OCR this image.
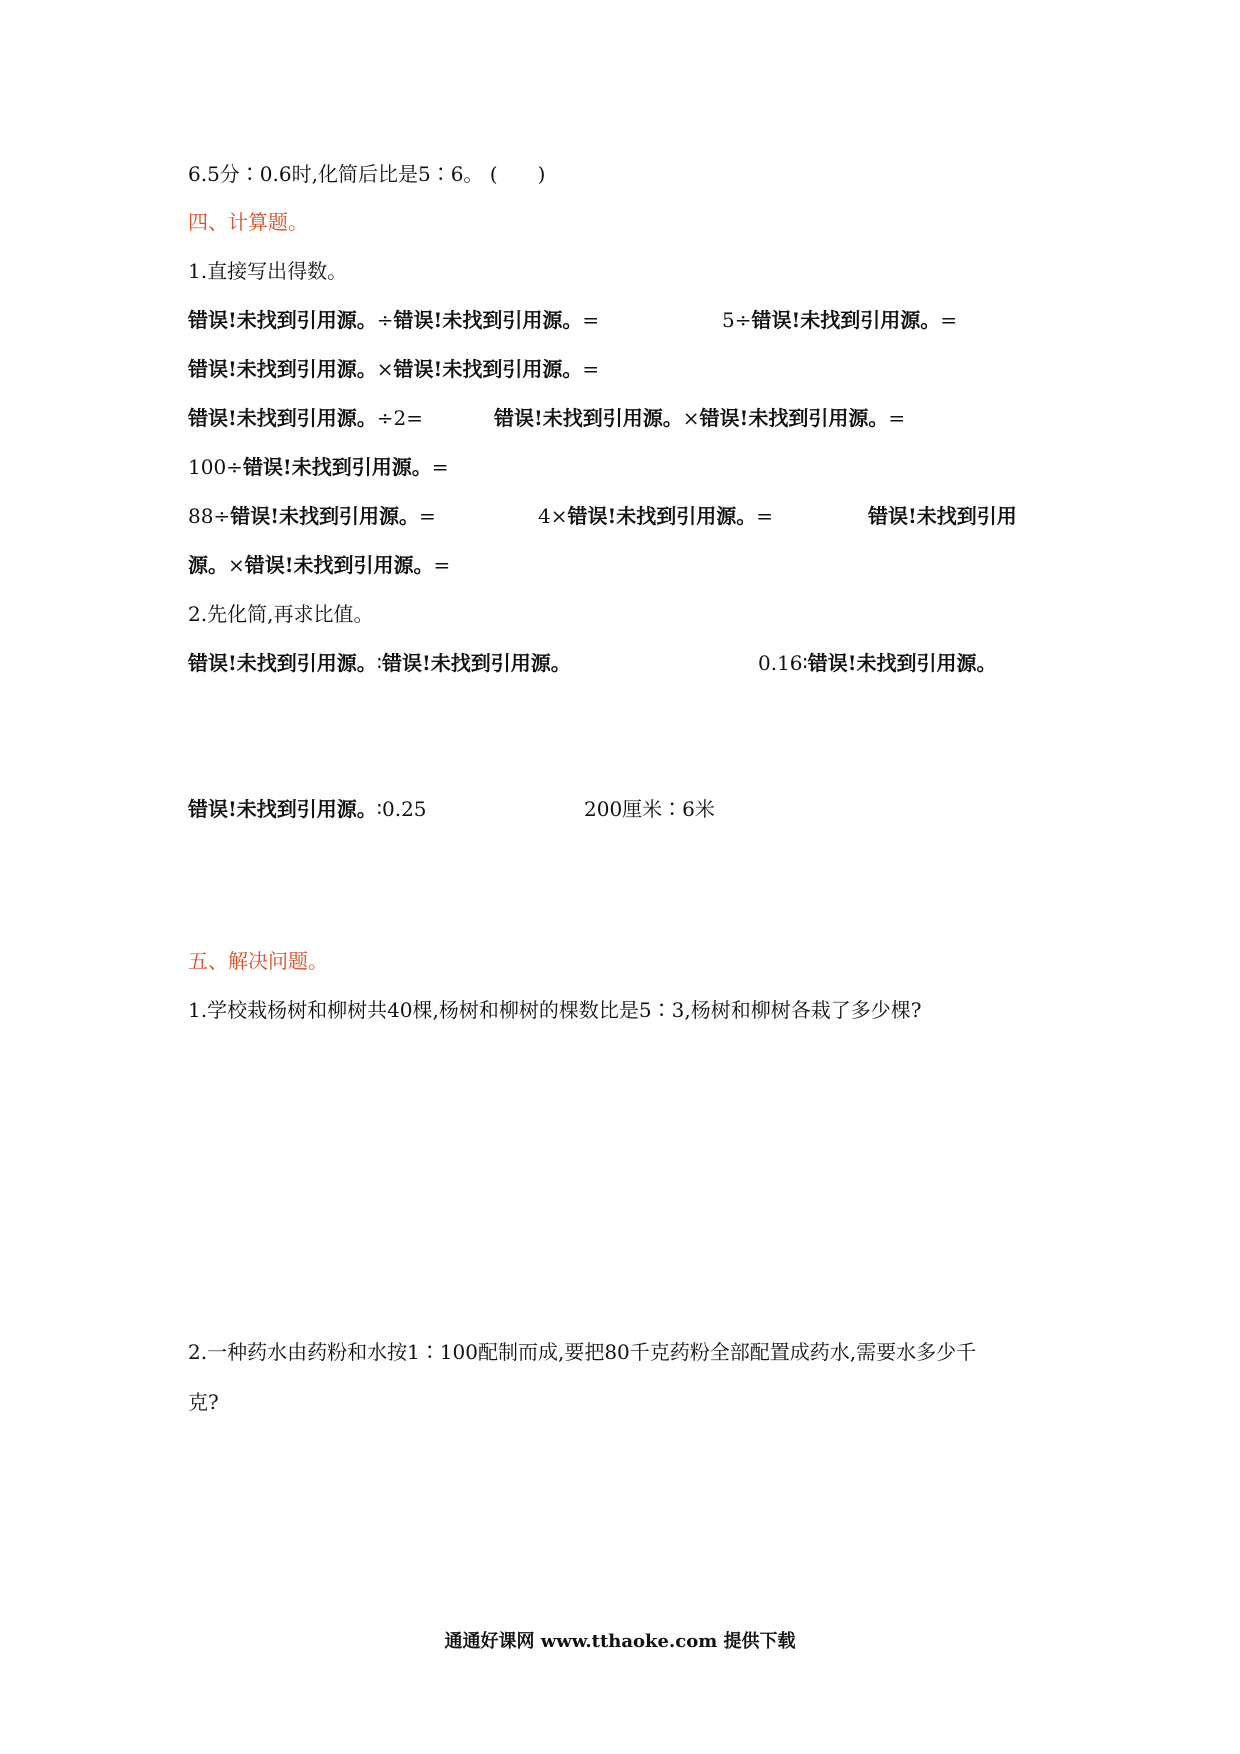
6.5分∶0.6时,化简后比是5∶6。 (　　)
四、计算题。
1.直接写出得数。
错误!未找到引用源。÷错误!未找到引用源。=	5÷错误!未找到引用源。=
错误!未找到引用源。×错误!未找到引用源。=
错误!未找到引用源。÷2=	错误!未找到引用源。×错误!未找到引用源。=
100÷错误!未找到引用源。=
88÷错误!未找到引用源。=	4×错误!未找到引用源。=	错误!未找到引用
源。×错误!未找到引用源。=
2.先化简,再求比值。
错误!未找到引用源。∶错误!未找到引用源。	0.16∶错误!未找到引用源。
错误!未找到引用源。∶0.25	200厘米∶6米
五、解决问题。
1.学校栽杨树和柳树共40棵,杨树和柳树的棵数比是5∶3,杨树和柳树各栽了多少棵?
2.一种药水由药粉和水按1∶100配制而成,要把80千克药粉全部配置成药水,需要水多少千
克?
通通好课网 www.tthaoke.com 提供下载
